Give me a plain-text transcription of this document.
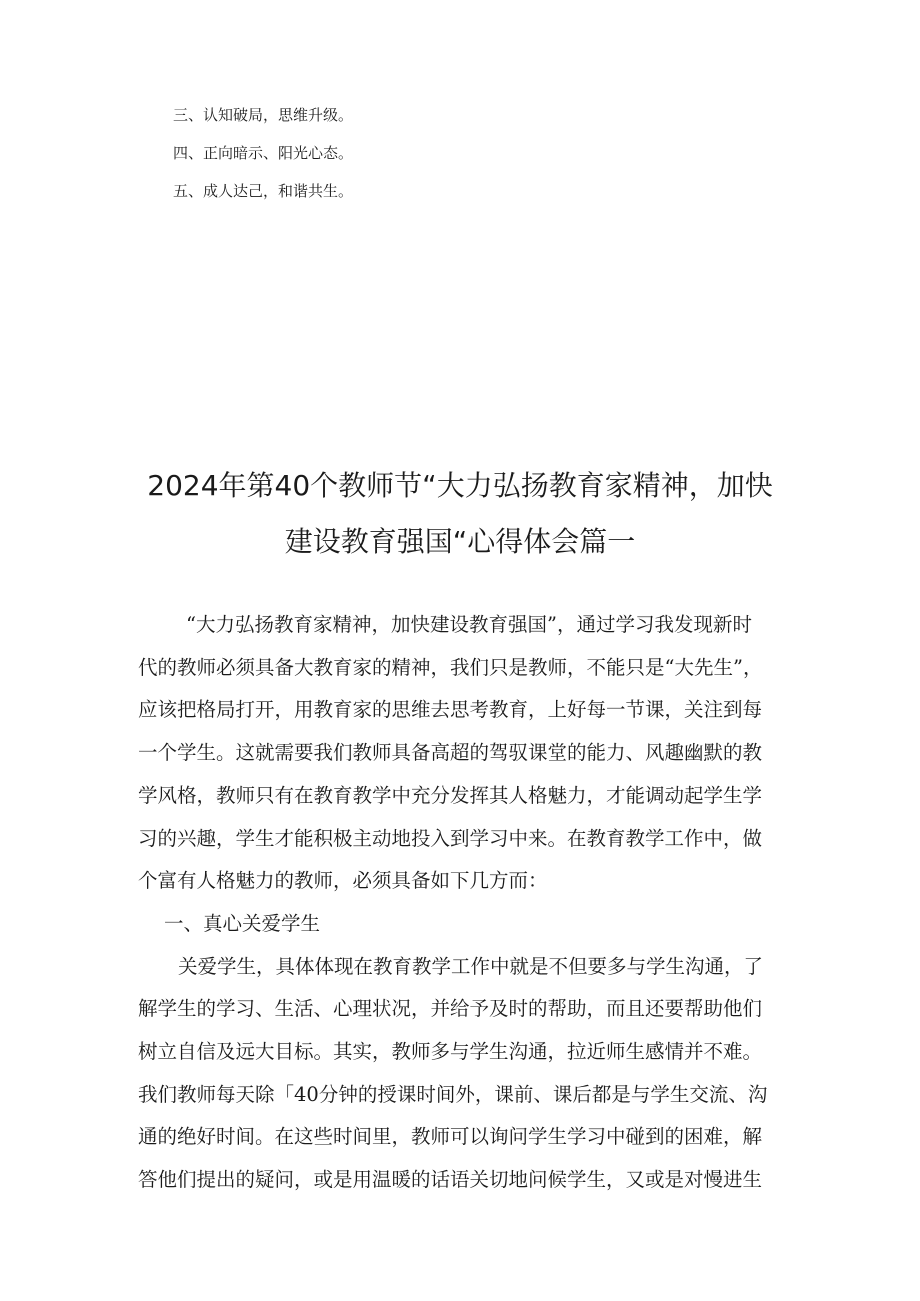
三、认知破局，思维升级。
四、正向暗示、阳光心态。
五、成人达己，和谐共生。
2024年第40个教师节“大力弘扬教育家精神，加快
建设教育强国“心得体会篇一
“大力弘扬教育家精神，加快建设教育强国”，通过学习我发现新时
代的教师必须具备大教育家的精神，我们只是教师，不能只是“大先生”，
应该把格局打开，用教育家的思维去思考教育，上好每一节课，关注到每
一个学生。这就需要我们教师具备高超的驾驭课堂的能力、风趣幽默的教
学风格，教师只有在教育教学中充分发挥其人格魅力，才能调动起学生学
习的兴趣，学生才能积极主动地投入到学习中来。在教育教学工作中，做
个富有人格魅力的教师，必须具备如下几方而：
一、真心关爱学生
关爱学生，具体体现在教育教学工作中就是不但要多与学生沟通，了
解学生的学习、生活、心理状况，并给予及时的帮助，而且还要帮助他们
树立自信及远大目标。其实，教师多与学生沟通，拉近师生感情并不难。
我们教师每天除「40分钟的授课时间外，课前、课后都是与学生交流、沟
通的绝好时间。在这些时间里，教师可以询问学生学习中碰到的困难，解
答他们提出的疑问，或是用温暖的话语关切地问候学生，又或是对慢进生
